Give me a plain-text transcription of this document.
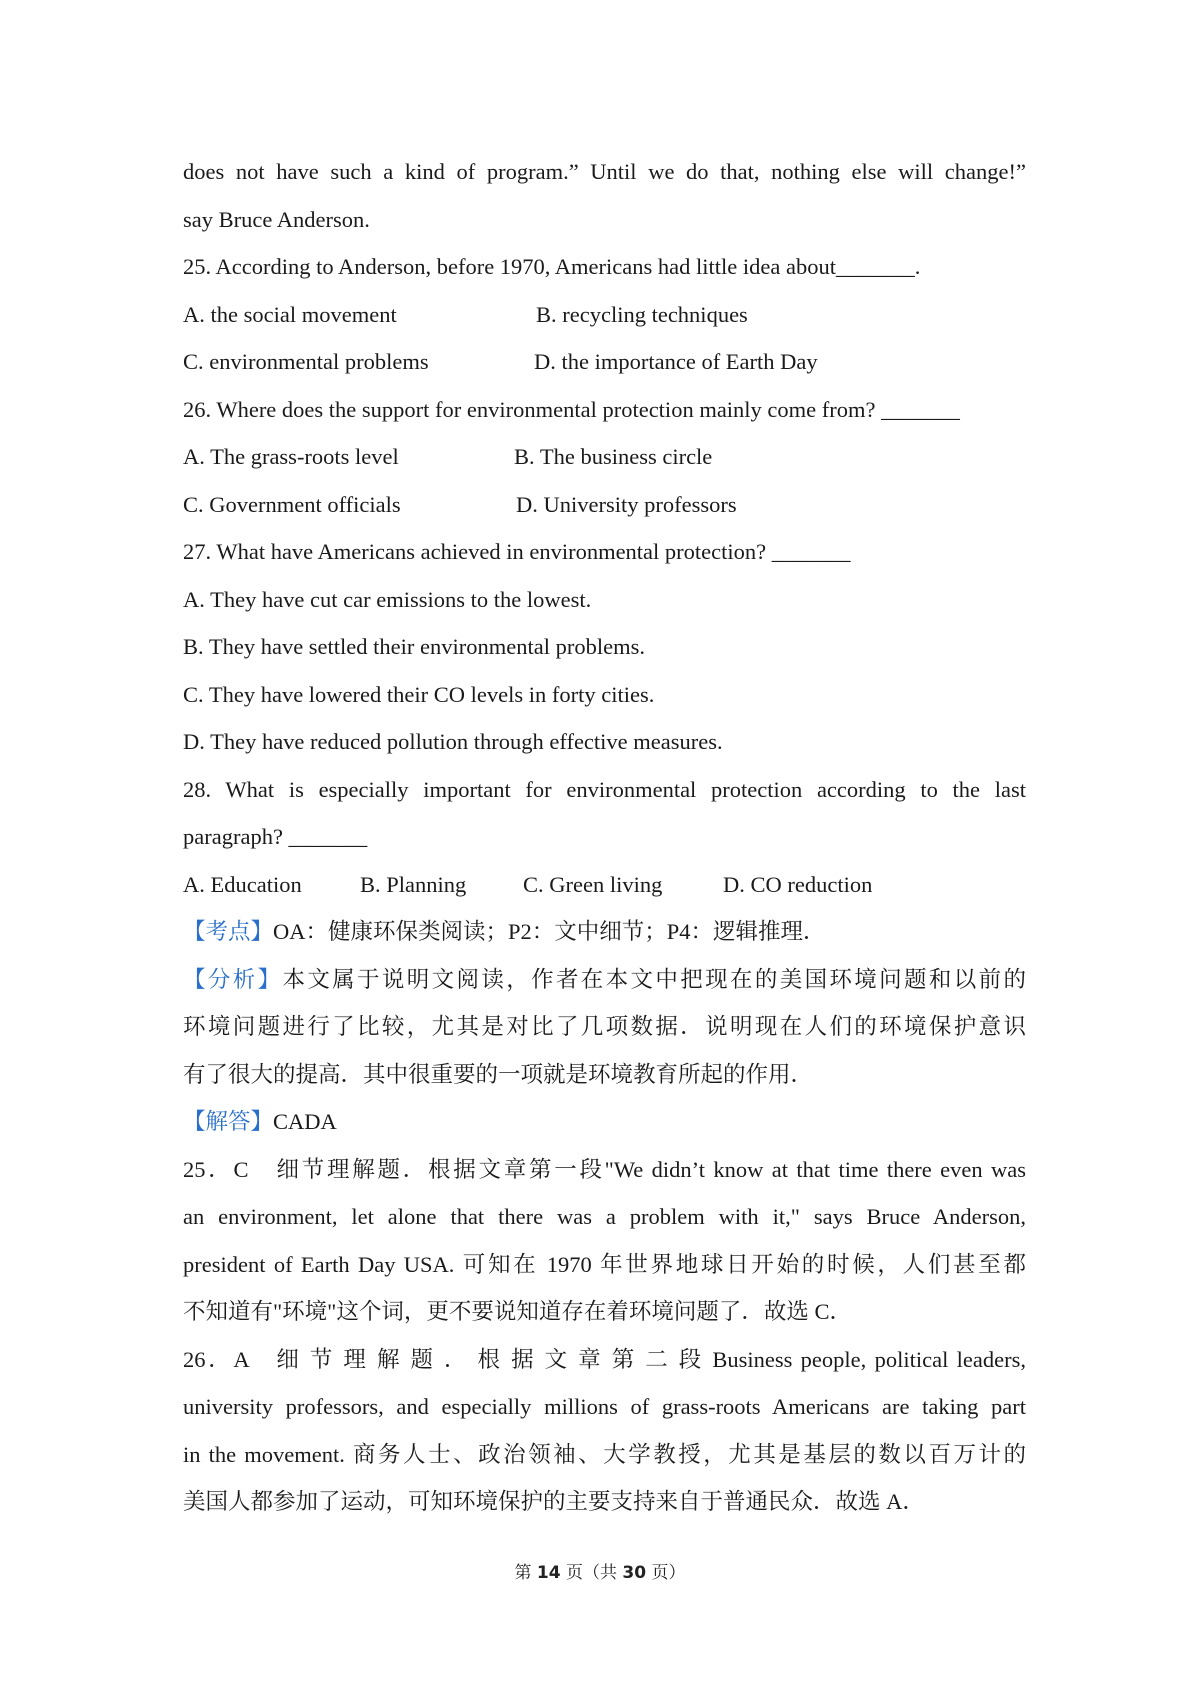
does not have such a kind of program.” Until we do that, nothing else will change!”

say Bruce Anderson.

25. According to Anderson, before 1970, Americans had little idea about_______.

A. the social movement	B. recycling techniques
C. environmental problems	D. the importance of Earth Day

26. Where does the support for environmental protection mainly come from? _______

A. The grass-roots level	B. The business circle
C. Government officials	D. University professors

27. What have Americans achieved in environmental protection? _______

A. They have cut car emissions to the lowest.

B. They have settled their environmental problems.

C. They have lowered their CO levels in forty cities.

D. They have reduced pollution through effective measures.

28. What is especially important for environmental protection according to the last

paragraph? _______

A. Education	B. Planning	C. Green living	D. CO reduction

【考点】OA：健康环保类阅读；P2：文中细节；P4：逻辑推理．

【分析】本文属于说明文阅读，作者在本文中把现在的美国环境问题和以前的

环境问题进行了比较，尤其是对比了几项数据．说明现在人们的环境保护意识

有了很大的提高．其中很重要的一项就是环境教育所起的作用．

【解答】CADA

25．C　细节理解题．根据文章第一段"We didn’t know at that time there even was

an environment, let alone that there was a problem with it," says Bruce Anderson,

president of Earth Day USA. 可知在 1970 年世界地球日开始的时候，人们甚至都

不知道有"环境"这个词，更不要说知道存在着环境问题了．故选 C．

26．A　细 节 理 解 题 ． 根 据 文 章 第 二 段 Business people, political leaders,

university professors, and especially millions of grass-roots Americans are taking part

in the movement. 商务人士、政治领袖、大学教授，尤其是基层的数以百万计的

美国人都参加了运动，可知环境保护的主要支持来自于普通民众．故选 A．

第 14 页（共 30 页）
